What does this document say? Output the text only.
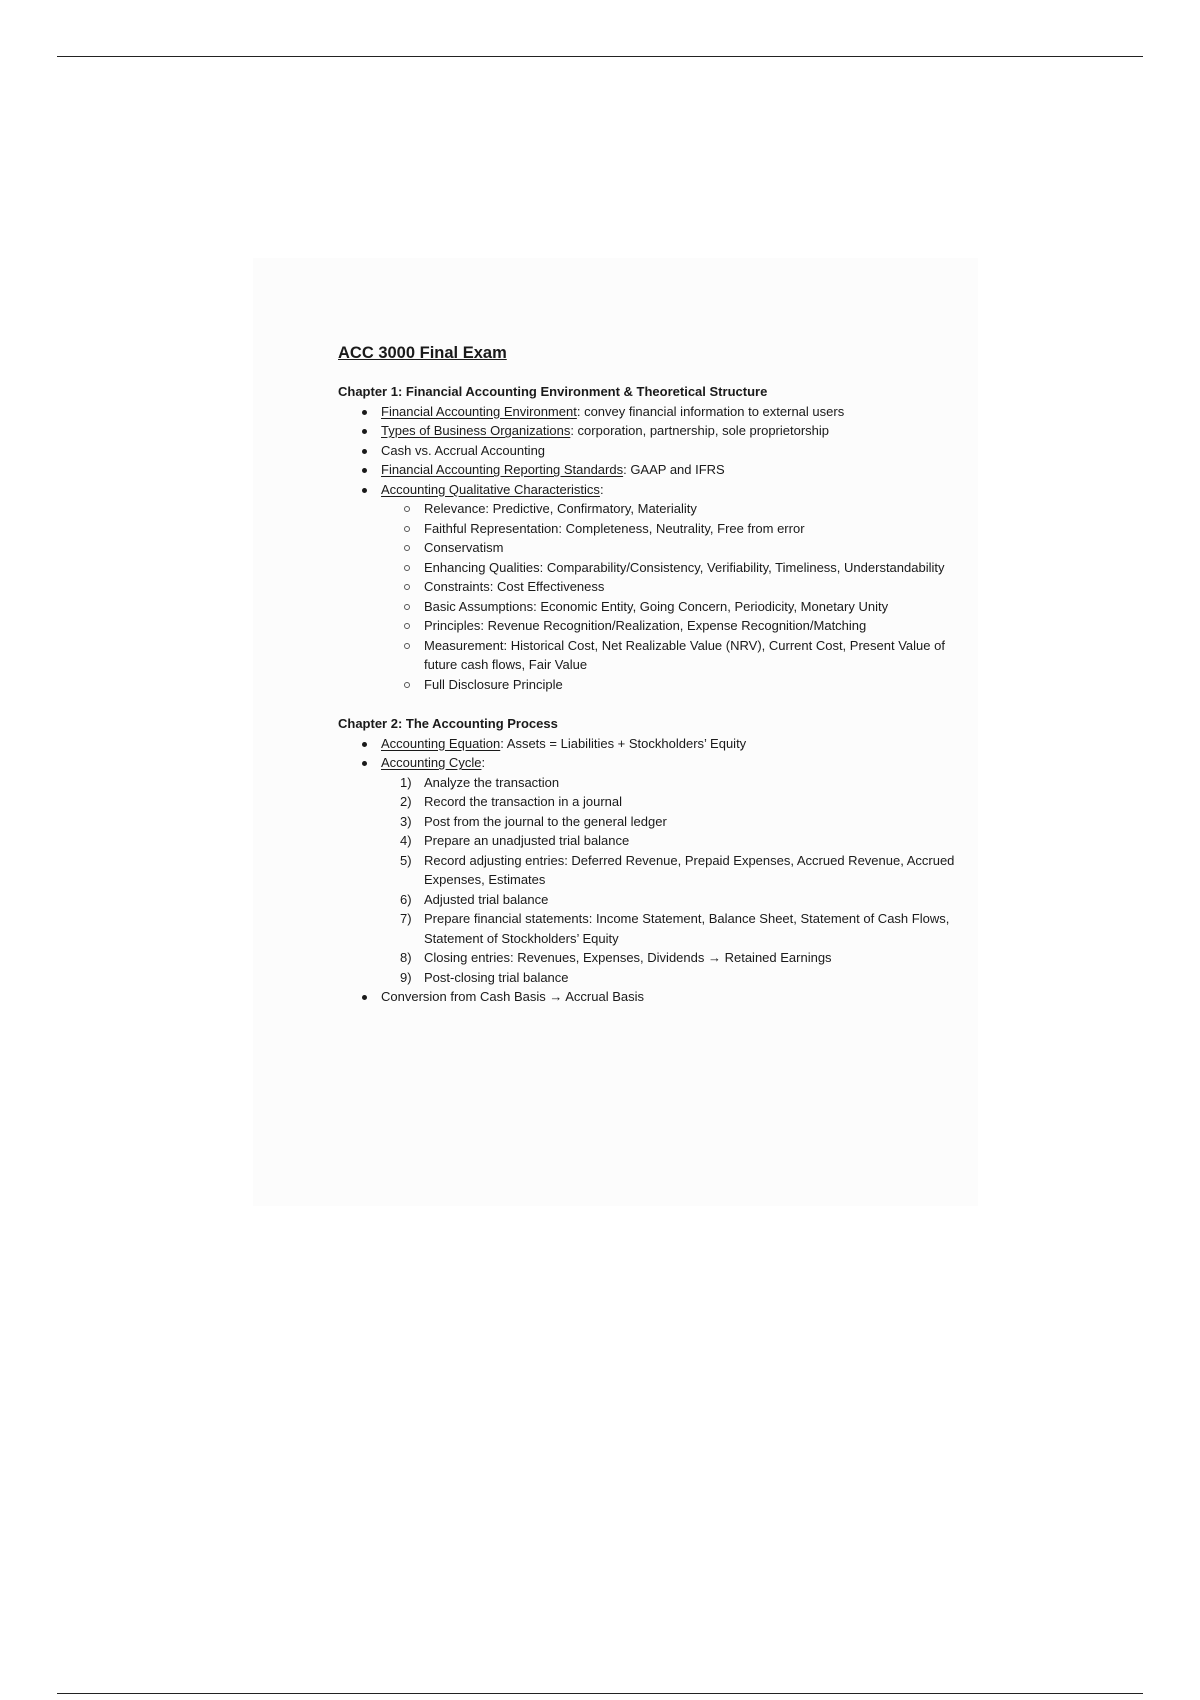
ACC 3000 Final Exam
Chapter 1: Financial Accounting Environment & Theoretical Structure
Financial Accounting Environment: convey financial information to external users
Types of Business Organizations: corporation, partnership, sole proprietorship
Cash vs. Accrual Accounting
Financial Accounting Reporting Standards: GAAP and IFRS
Accounting Qualitative Characteristics:
Relevance: Predictive, Confirmatory, Materiality
Faithful Representation: Completeness, Neutrality, Free from error
Conservatism
Enhancing Qualities: Comparability/Consistency, Verifiability, Timeliness, Understandability
Constraints: Cost Effectiveness
Basic Assumptions: Economic Entity, Going Concern, Periodicity, Monetary Unity
Principles: Revenue Recognition/Realization, Expense Recognition/Matching
Measurement: Historical Cost, Net Realizable Value (NRV), Current Cost, Present Value of future cash flows, Fair Value
Full Disclosure Principle
Chapter 2: The Accounting Process
Accounting Equation: Assets = Liabilities + Stockholders’ Equity
Accounting Cycle:
1) Analyze the transaction
2) Record the transaction in a journal
3) Post from the journal to the general ledger
4) Prepare an unadjusted trial balance
5) Record adjusting entries: Deferred Revenue, Prepaid Expenses, Accrued Revenue, Accrued Expenses, Estimates
6) Adjusted trial balance
7) Prepare financial statements: Income Statement, Balance Sheet, Statement of Cash Flows, Statement of Stockholders’ Equity
8) Closing entries: Revenues, Expenses, Dividends → Retained Earnings
9) Post-closing trial balance
Conversion from Cash Basis → Accrual Basis
